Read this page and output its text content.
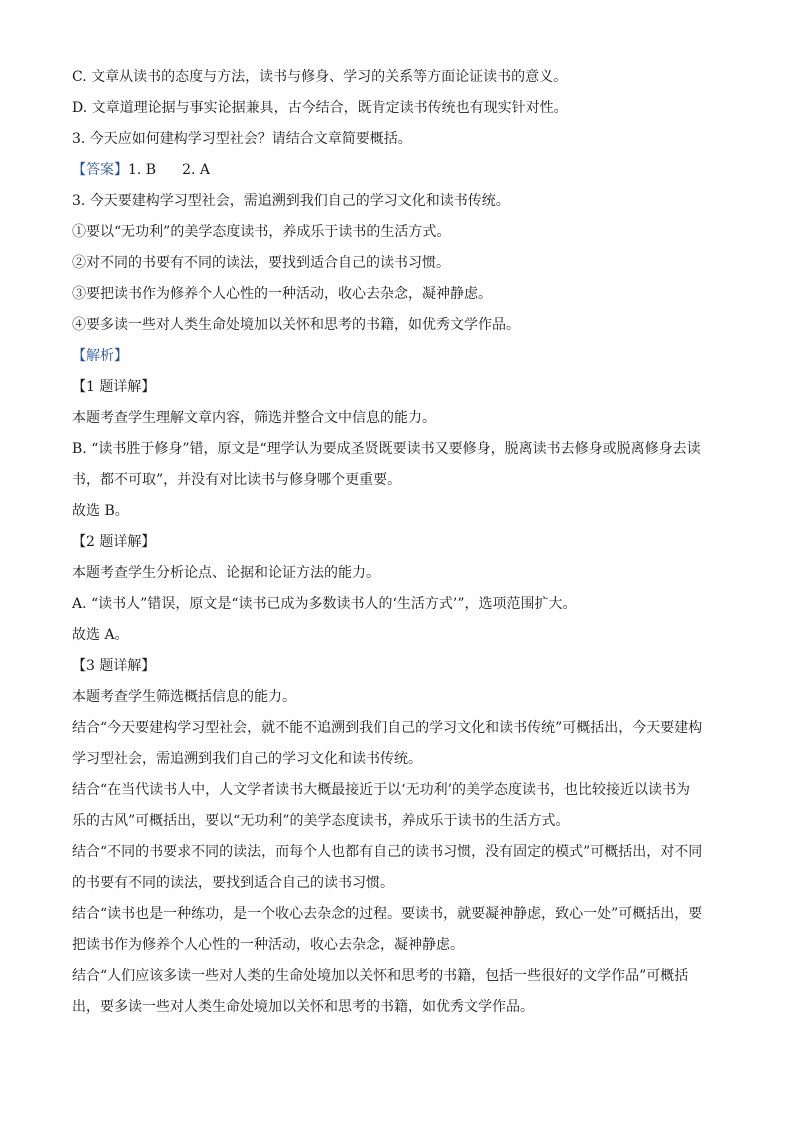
C. 文章从读书的态度与方法，读书与修身、学习的关系等方面论证读书的意义。
D. 文章道理论据与事实论据兼具，古今结合，既肯定读书传统也有现实针对性。
3. 今天应如何建构学习型社会？请结合文章简要概括。
【答案】1. B 2. A
3. 今天要建构学习型社会，需追溯到我们自己的学习文化和读书传统。
①要以“无功利”的美学态度读书，养成乐于读书的生活方式。
②对不同的书要有不同的读法，要找到适合自己的读书习惯。
③要把读书作为修养个人心性的一种活动，收心去杂念，凝神静虑。
④要多读一些对人类生命处境加以关怀和思考的书籍，如优秀文学作品。
【解析】
【1 题详解】
本题考查学生理解文章内容，筛选并整合文中信息的能力。
B. “读书胜于修身”错，原文是“理学认为要成圣贤既要读书又要修身，脱离读书去修身或脱离修身去读
书，都不可取”，并没有对比读书与修身哪个更重要。
故选 B。
【2 题详解】
本题考查学生分析论点、论据和论证方法的能力。
A. “读书人”错误，原文是“读书已成为多数读书人的‘生活方式’”，选项范围扩大。
故选 A。
【3 题详解】
本题考查学生筛选概括信息的能力。
结合“今天要建构学习型社会，就不能不追溯到我们自己的学习文化和读书传统”可概括出，今天要建构
学习型社会，需追溯到我们自己的学习文化和读书传统。
结合“在当代读书人中，人文学者读书大概最接近于以‘无功利’的美学态度读书，也比较接近以读书为
乐的古风”可概括出，要以“无功利”的美学态度读书，养成乐于读书的生活方式。
结合“不同的书要求不同的读法，而每个人也都有自己的读书习惯，没有固定的模式”可概括出，对不同
的书要有不同的读法，要找到适合自己的读书习惯。
结合“读书也是一种练功，是一个收心去杂念的过程。要读书，就要凝神静虑，致心一处”可概括出，要
把读书作为修养个人心性的一种活动，收心去杂念，凝神静虑。
结合“人们应该多读一些对人类的生命处境加以关怀和思考的书籍，包括一些很好的文学作品”可概括
出，要多读一些对人类生命处境加以关怀和思考的书籍，如优秀文学作品。
